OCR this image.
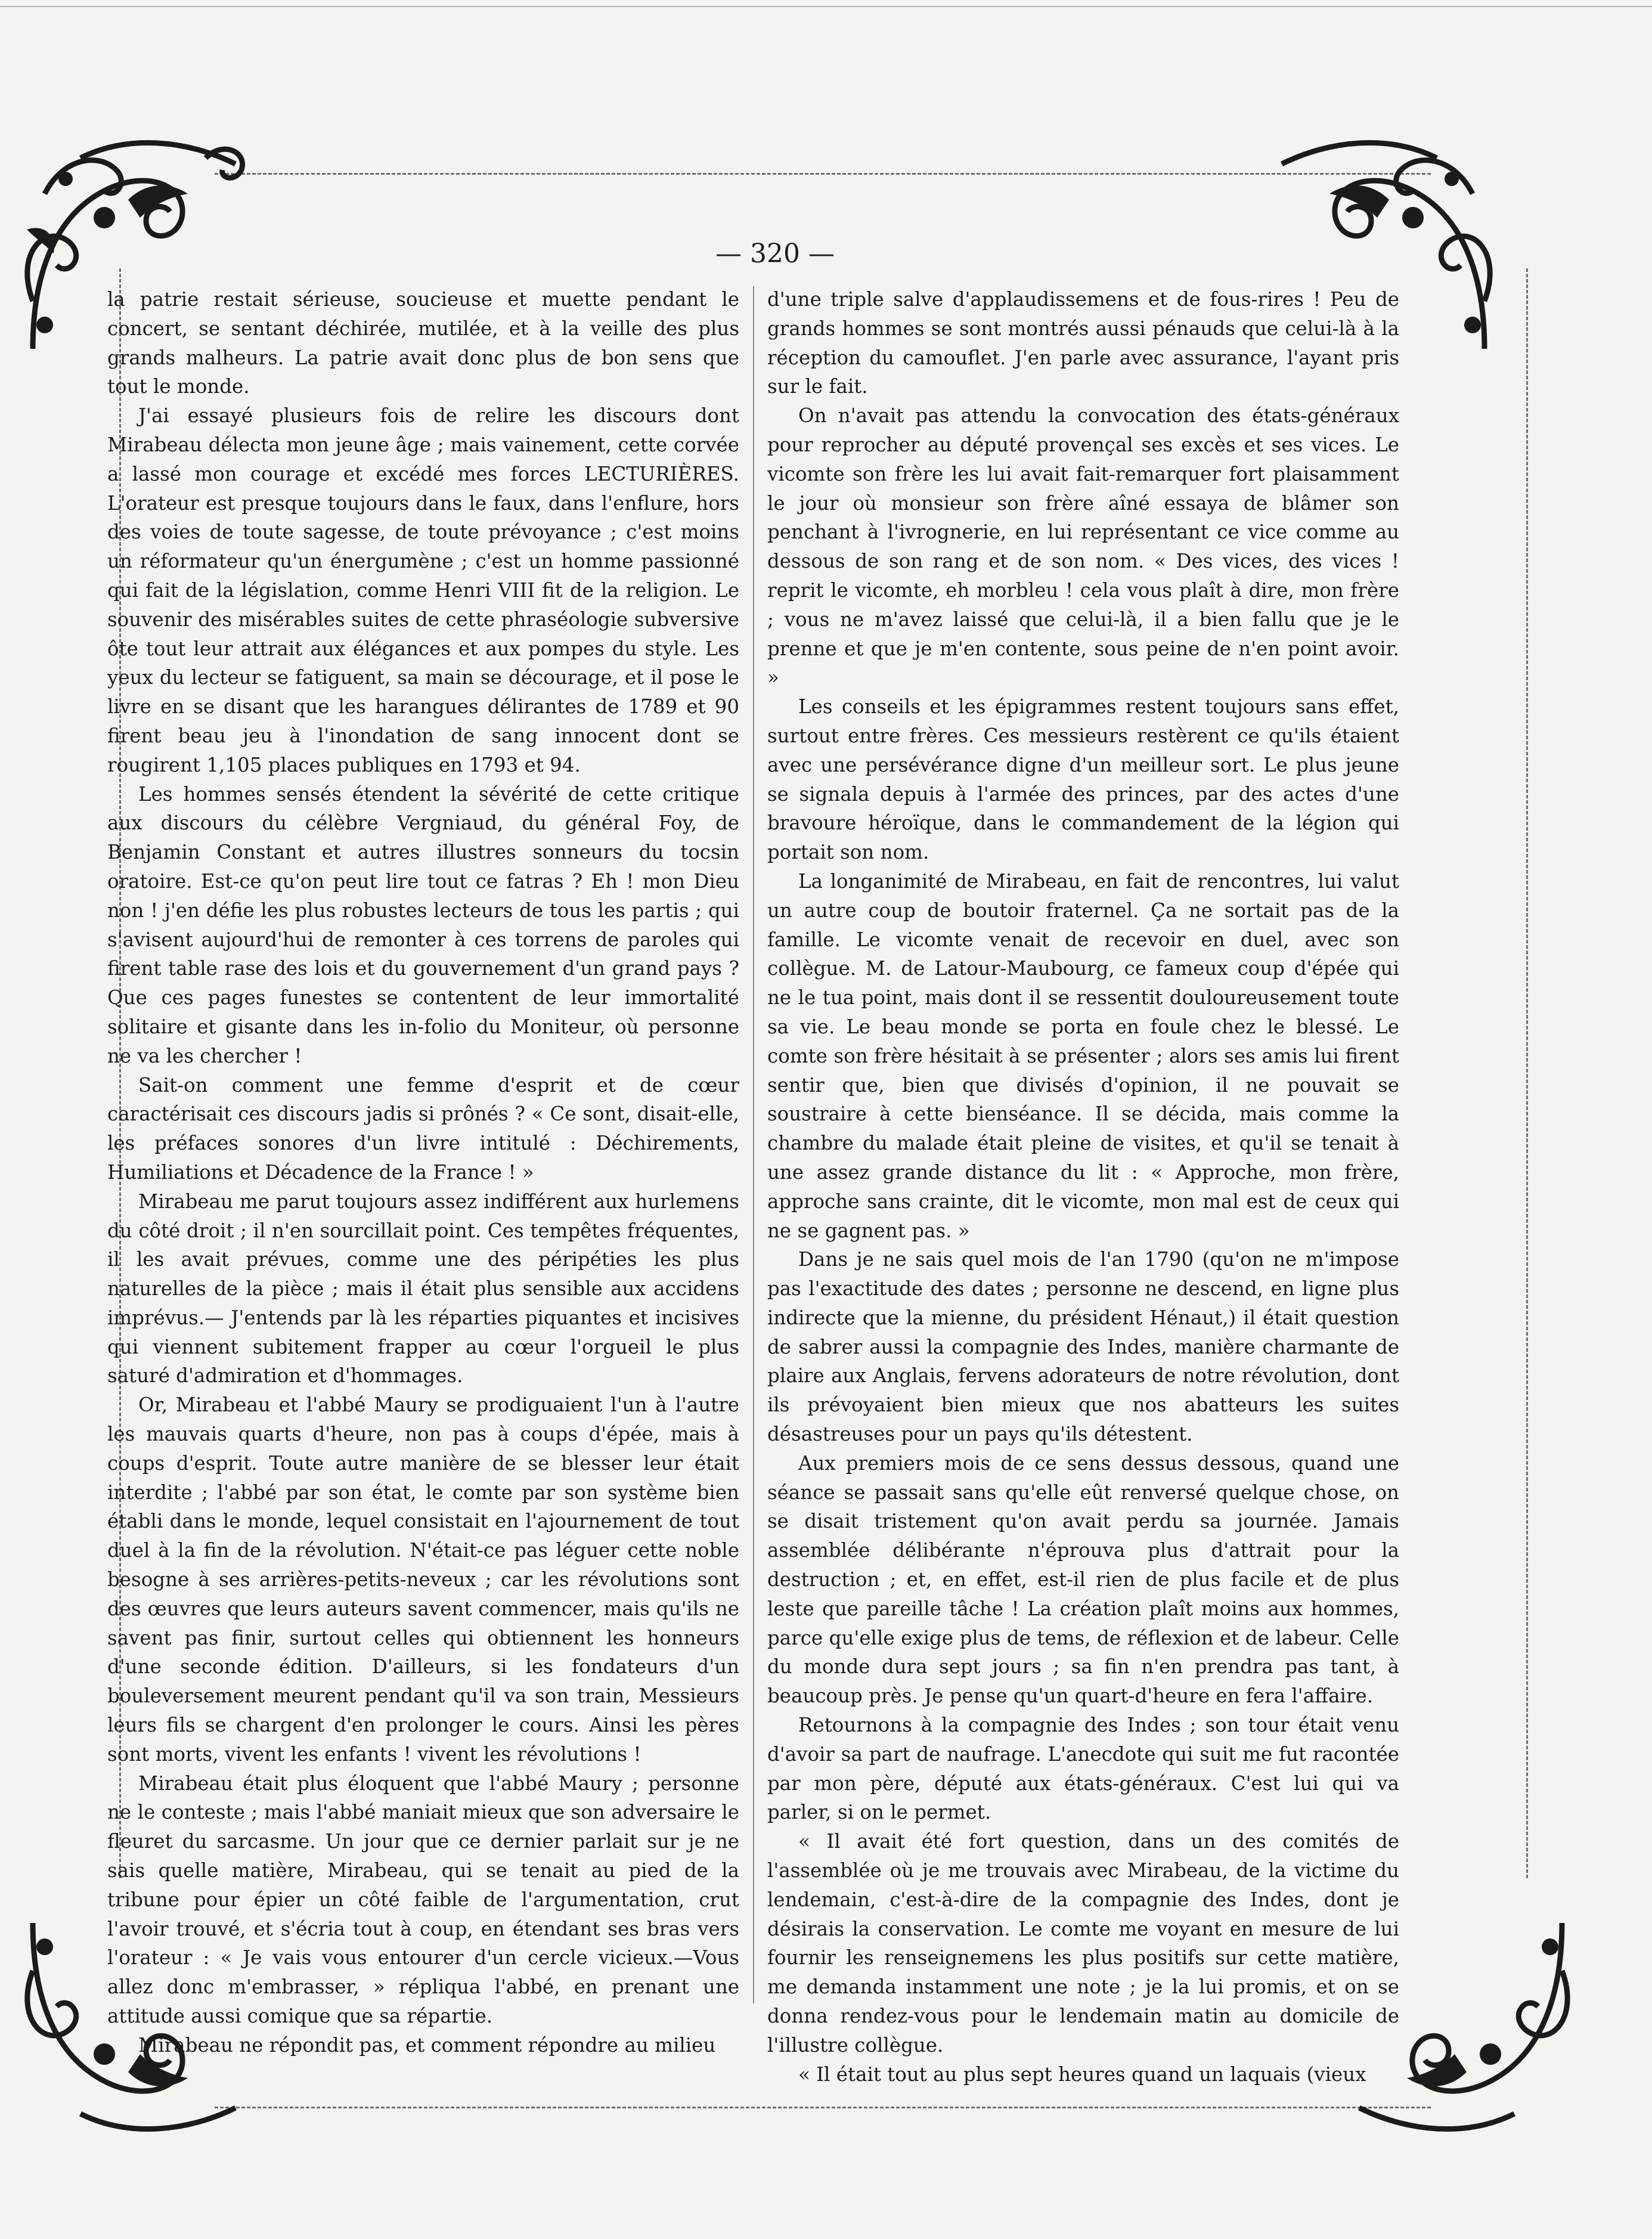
— 320 —

la patrie restait sérieuse, soucieuse et muette pendant le concert, se sentant déchirée, mutilée, et à la veille des plus grands malheurs. La patrie avait donc plus de bon sens que tout le monde.

J'ai essayé plusieurs fois de relire les discours dont Mirabeau délecta mon jeune âge ; mais vainement, cette corvée a lassé mon courage et excédé mes forces LECTURIÈRES. L'orateur est presque toujours dans le faux, dans l'enflure, hors des voies de toute sagesse, de toute prévoyance ; c'est moins un réformateur qu'un énergumène ; c'est un homme passionné qui fait de la législation, comme Henri VIII fit de la religion. Le souvenir des misérables suites de cette phraséologie subversive ôte tout leur attrait aux élégances et aux pompes du style. Les yeux du lecteur se fatiguent, sa main se décourage, et il pose le livre en se disant que les harangues délirantes de 1789 et 90 firent beau jeu à l'inondation de sang innocent dont se rougirent 1,105 places publiques en 1793 et 94.

Les hommes sensés étendent la sévérité de cette critique aux discours du célèbre Vergniaud, du général Foy, de Benjamin Constant et autres illustres sonneurs du tocsin oratoire. Est-ce qu'on peut lire tout ce fatras ? Eh ! mon Dieu non ! j'en défie les plus robustes lecteurs de tous les partis ; qui s'avisent aujourd'hui de remonter à ces torrens de paroles qui firent table rase des lois et du gouvernement d'un grand pays ? Que ces pages funestes se contentent de leur immortalité solitaire et gisante dans les in-folio du Moniteur, où personne ne va les chercher !

Sait-on comment une femme d'esprit et de cœur caractérisait ces discours jadis si prônés ? « Ce sont, disait-elle, les préfaces sonores d'un livre intitulé : Déchirements, Humiliations et Décadence de la France ! »

Mirabeau me parut toujours assez indifférent aux hurlemens du côté droit ; il n'en sourcillait point. Ces tempêtes fréquentes, il les avait prévues, comme une des péripéties les plus naturelles de la pièce ; mais il était plus sensible aux accidens imprévus.— J'entends par là les réparties piquantes et incisives qui viennent subitement frapper au cœur l'orgueil le plus saturé d'admiration et d'hommages.

Or, Mirabeau et l'abbé Maury se prodiguaient l'un à l'autre les mauvais quarts d'heure, non pas à coups d'épée, mais à coups d'esprit. Toute autre manière de se blesser leur était interdite ; l'abbé par son état, le comte par son système bien établi dans le monde, lequel consistait en l'ajournement de tout duel à la fin de la révolution. N'était-ce pas léguer cette noble besogne à ses arrières-petits-neveux ; car les révolutions sont des œuvres que leurs auteurs savent commencer, mais qu'ils ne savent pas finir, surtout celles qui obtiennent les honneurs d'une seconde édition. D'ailleurs, si les fondateurs d'un bouleversement meurent pendant qu'il va son train, Messieurs leurs fils se chargent d'en prolonger le cours. Ainsi les pères sont morts, vivent les enfants ! vivent les révolutions !

Mirabeau était plus éloquent que l'abbé Maury ; personne ne le conteste ; mais l'abbé maniait mieux que son adversaire le fleuret du sarcasme. Un jour que ce dernier parlait sur je ne sais quelle matière, Mirabeau, qui se tenait au pied de la tribune pour épier un côté faible de l'argumentation, crut l'avoir trouvé, et s'écria tout à coup, en étendant ses bras vers l'orateur : « Je vais vous entourer d'un cercle vicieux.—Vous allez donc m'embrasser, » répliqua l'abbé, en prenant une attitude aussi comique que sa répartie.

Mirabeau ne répondit pas, et comment répondre au milieu

d'une triple salve d'applaudissemens et de fous-rires ! Peu de grands hommes se sont montrés aussi pénauds que celui-là à la réception du camouflet. J'en parle avec assurance, l'ayant pris sur le fait.

On n'avait pas attendu la convocation des états-généraux pour reprocher au député provençal ses excès et ses vices. Le vicomte son frère les lui avait fait-remarquer fort plaisamment le jour où monsieur son frère aîné essaya de blâmer son penchant à l'ivrognerie, en lui représentant ce vice comme au dessous de son rang et de son nom. « Des vices, des vices ! reprit le vicomte, eh morbleu ! cela vous plaît à dire, mon frère ; vous ne m'avez laissé que celui-là, il a bien fallu que je le prenne et que je m'en contente, sous peine de n'en point avoir. »

Les conseils et les épigrammes restent toujours sans effet, surtout entre frères. Ces messieurs restèrent ce qu'ils étaient avec une persévérance digne d'un meilleur sort. Le plus jeune se signala depuis à l'armée des princes, par des actes d'une bravoure héroïque, dans le commandement de la légion qui portait son nom.

La longanimité de Mirabeau, en fait de rencontres, lui valut un autre coup de boutoir fraternel. Ça ne sortait pas de la famille. Le vicomte venait de recevoir en duel, avec son collègue. M. de Latour-Maubourg, ce fameux coup d'épée qui ne le tua point, mais dont il se ressentit douloureusement toute sa vie. Le beau monde se porta en foule chez le blessé. Le comte son frère hésitait à se présenter ; alors ses amis lui firent sentir que, bien que divisés d'opinion, il ne pouvait se soustraire à cette bienséance. Il se décida, mais comme la chambre du malade était pleine de visites, et qu'il se tenait à une assez grande distance du lit : « Approche, mon frère, approche sans crainte, dit le vicomte, mon mal est de ceux qui ne se gagnent pas. »

Dans je ne sais quel mois de l'an 1790 (qu'on ne m'impose pas l'exactitude des dates ; personne ne descend, en ligne plus indirecte que la mienne, du président Hénaut,) il était question de sabrer aussi la compagnie des Indes, manière charmante de plaire aux Anglais, fervens adorateurs de notre révolution, dont ils prévoyaient bien mieux que nos abatteurs les suites désastreuses pour un pays qu'ils détestent.

Aux premiers mois de ce sens dessus dessous, quand une séance se passait sans qu'elle eût renversé quelque chose, on se disait tristement qu'on avait perdu sa journée. Jamais assemblée délibérante n'éprouva plus d'attrait pour la destruction ; et, en effet, est-il rien de plus facile et de plus leste que pareille tâche ! La création plaît moins aux hommes, parce qu'elle exige plus de tems, de réflexion et de labeur. Celle du monde dura sept jours ; sa fin n'en prendra pas tant, à beaucoup près. Je pense qu'un quart-d'heure en fera l'affaire.

Retournons à la compagnie des Indes ; son tour était venu d'avoir sa part de naufrage. L'anecdote qui suit me fut racontée par mon père, député aux états-généraux. C'est lui qui va parler, si on le permet.

« Il avait été fort question, dans un des comités de l'assemblée où je me trouvais avec Mirabeau, de la victime du lendemain, c'est-à-dire de la compagnie des Indes, dont je désirais la conservation. Le comte me voyant en mesure de lui fournir les renseignemens les plus positifs sur cette matière, me demanda instamment une note ; je la lui promis, et on se donna rendez-vous pour le lendemain matin au domicile de l'illustre collègue.

« Il était tout au plus sept heures quand un laquais (vieux
